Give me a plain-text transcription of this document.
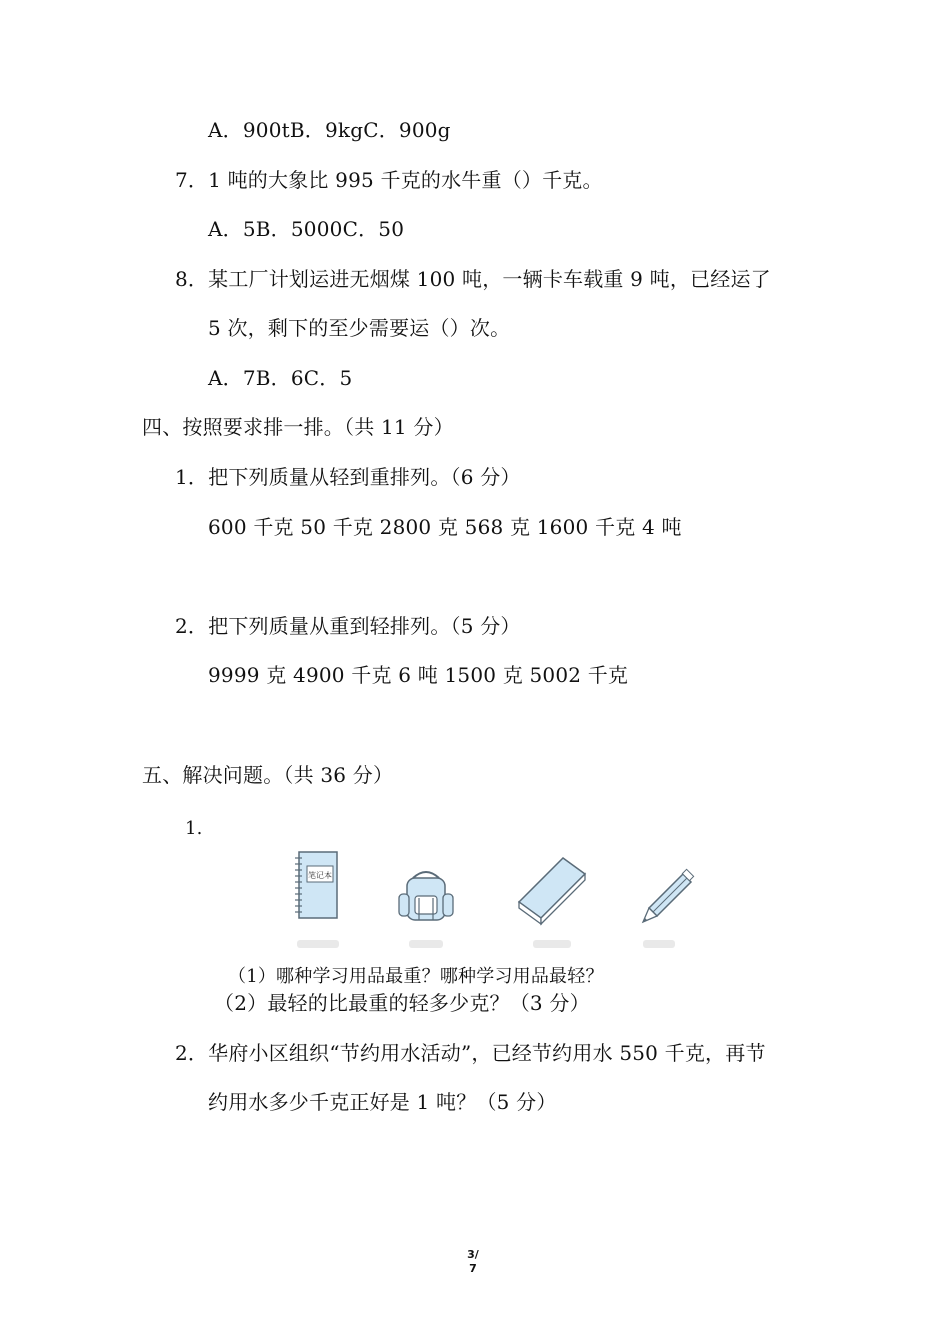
A．900tB．9kgC．900g
7．1 吨的大象比 995 千克的水牛重（）千克。
A．5B．5000C．50
8．某工厂计划运进无烟煤 100 吨，一辆卡车载重 9 吨，已经运了
5 次，剩下的至少需要运（）次。
A．7B．6C．5
四、按照要求排一排。（共 11 分）
1．把下列质量从轻到重排列。（6 分）
600 千克 50 千克 2800 克 568 克 1600 千克 4 吨
2．把下列质量从重到轻排列。（5 分）
9999 克 4900 千克 6 吨 1500 克 5002 千克
五、解决问题。（共 36 分）
1.
笔记本
（1）哪种学习用品最重？哪种学习用品最轻？
（2）最轻的比最重的轻多少克？（3 分）
2．华府小区组织“节约用水活动”，已经节约用水 550 千克，再节
约用水多少千克正好是 1 吨？（5 分）
3/
7
